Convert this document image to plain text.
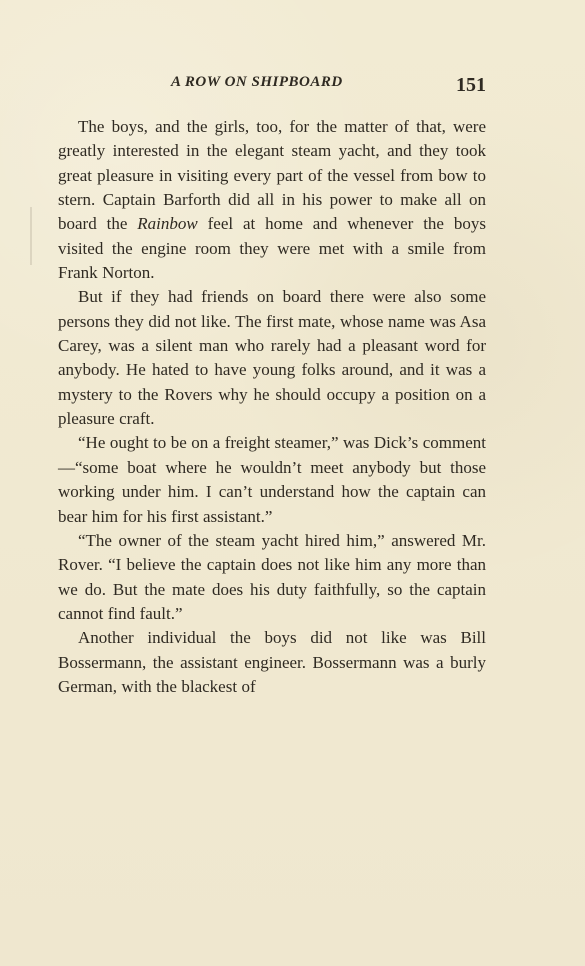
A ROW ON SHIPBOARD	151

The boys, and the girls, too, for the matter of that, were greatly interested in the elegant steam yacht, and they took great pleasure in visiting every part of the vessel from bow to stern. Captain Barforth did all in his power to make all on board the Rainbow feel at home and whenever the boys visited the engine room they were met with a smile from Frank Norton.

But if they had friends on board there were also some persons they did not like. The first mate, whose name was Asa Carey, was a silent man who rarely had a pleasant word for anybody. He hated to have young folks around, and it was a mystery to the Rovers why he should occupy a position on a pleasure craft.

“He ought to be on a freight steamer,” was Dick’s comment—“some boat where he wouldn’t meet anybody but those working under him. I can’t understand how the captain can bear him for his first assistant.”

“The owner of the steam yacht hired him,” answered Mr. Rover. “I believe the captain does not like him any more than we do. But the mate does his duty faithfully, so the captain cannot find fault.”

Another individual the boys did not like was Bill Bossermann, the assistant engineer. Bossermann was a burly German, with the blackest of
